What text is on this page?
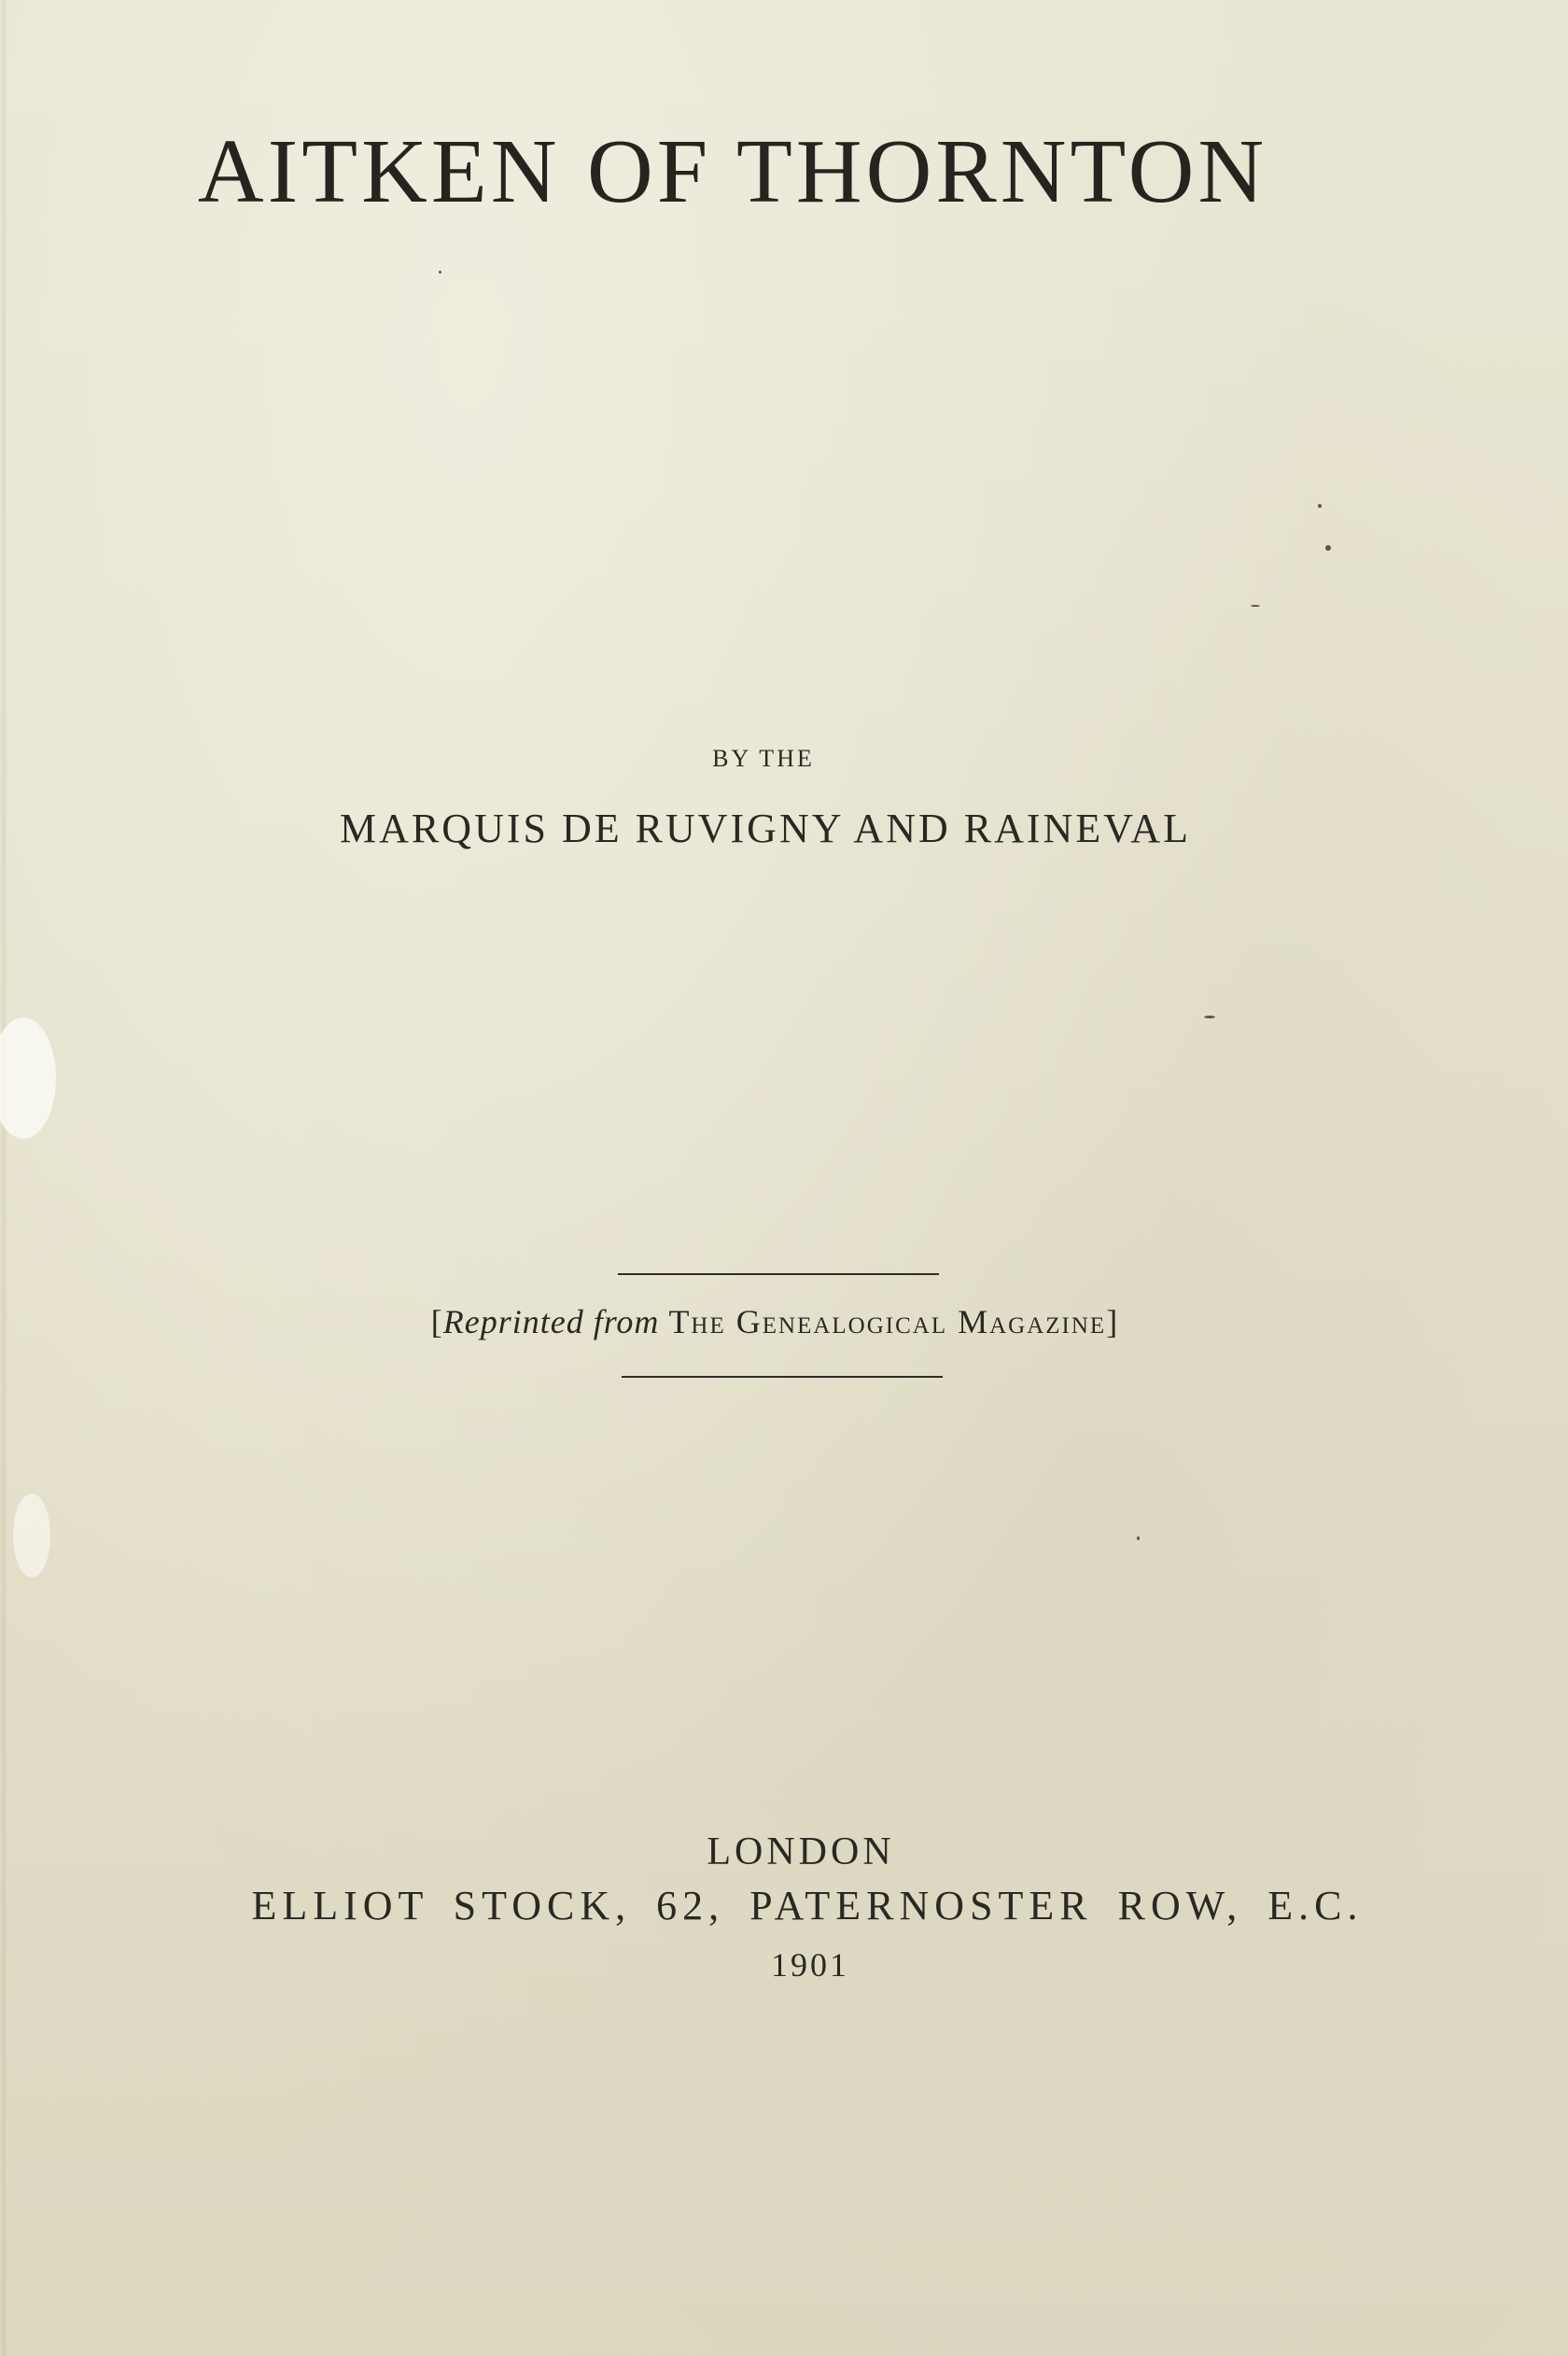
AITKEN OF THORNTON
BY THE
MARQUIS DE RUVIGNY AND RAINEVAL
[Reprinted from The Genealogical Magazine]
LONDON
ELLIOT STOCK, 62, PATERNOSTER ROW, E.C.
1901
